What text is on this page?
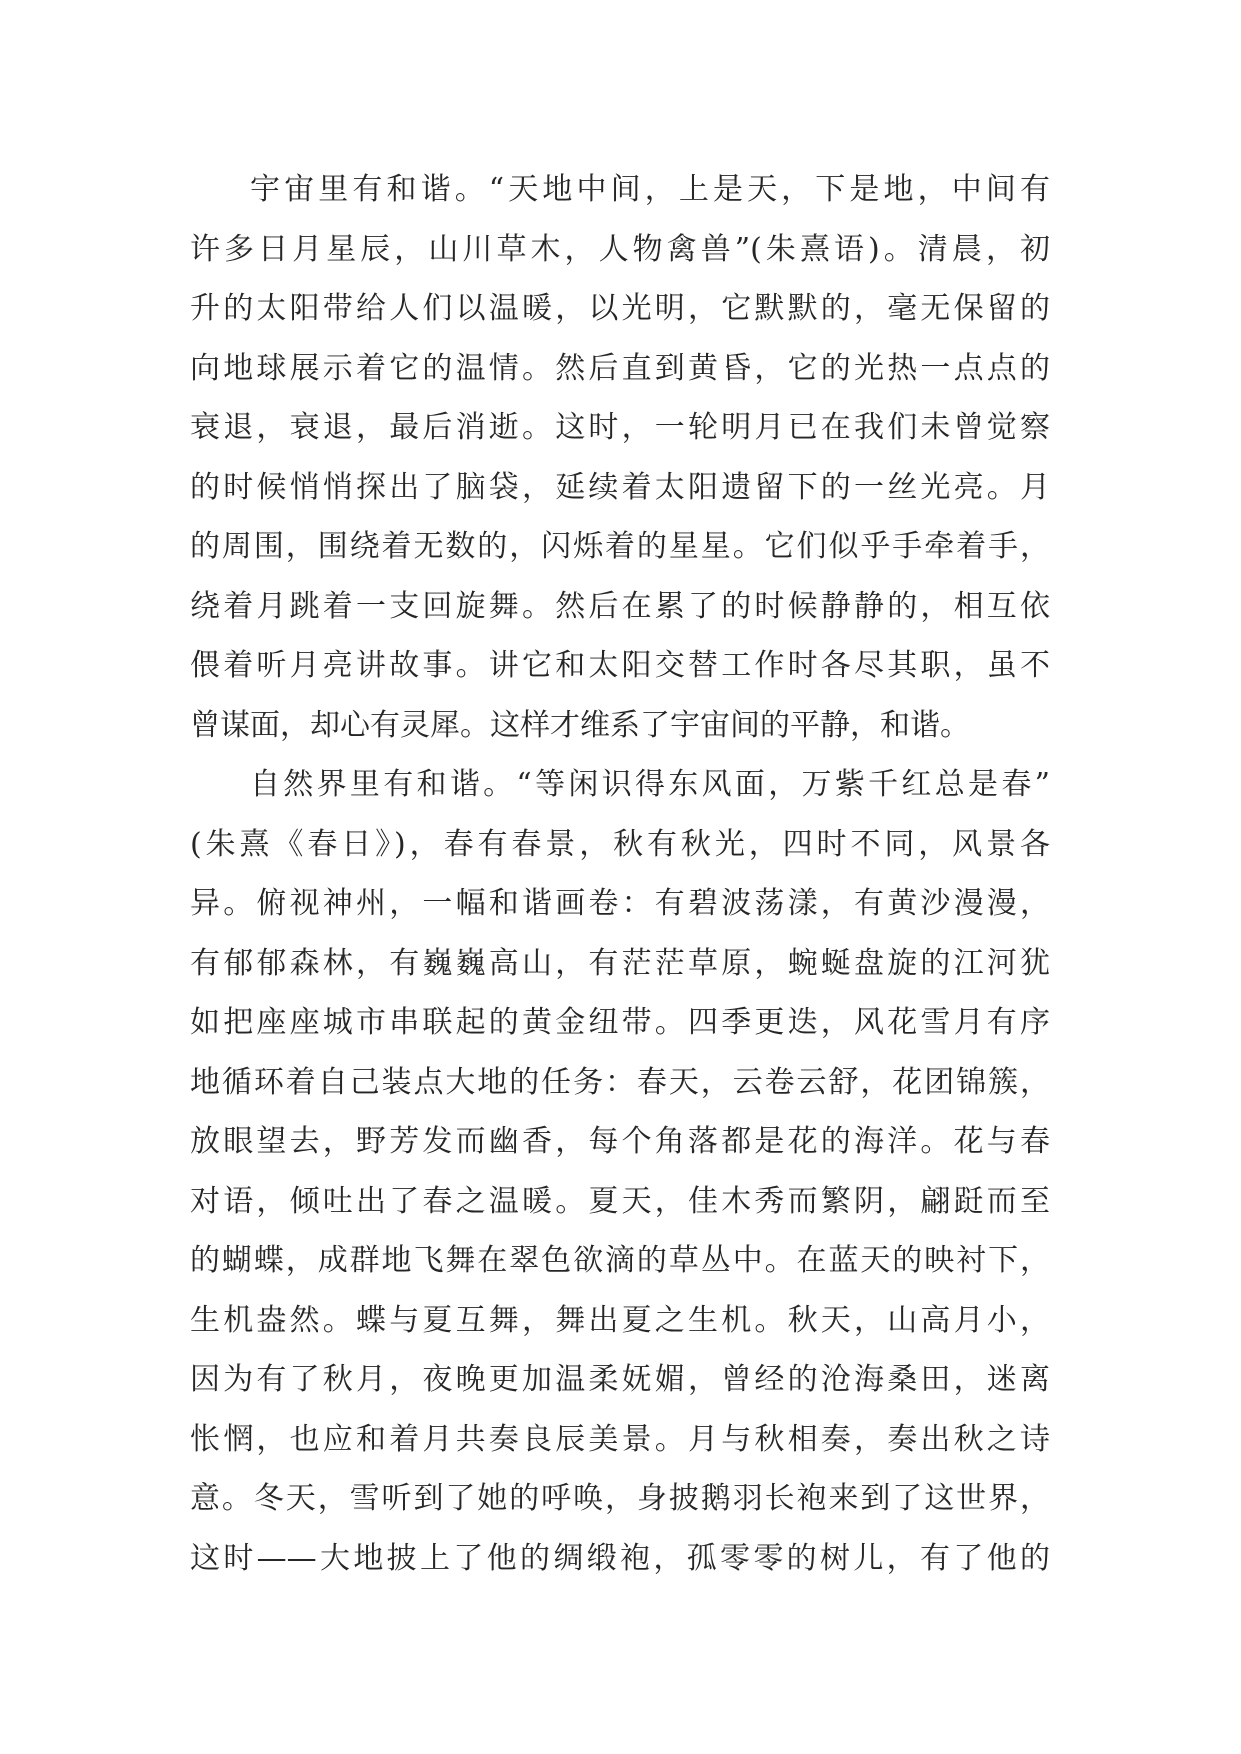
宇宙里有和谐。“天地中间，上是天，下是地，中间有
许多日月星辰，山川草木，人物禽兽”(朱熹语)。清晨，初
升的太阳带给人们以温暖，以光明，它默默的，毫无保留的
向地球展示着它的温情。然后直到黄昏，它的光热一点点的
衰退，衰退，最后消逝。这时，一轮明月已在我们未曾觉察
的时候悄悄探出了脑袋，延续着太阳遗留下的一丝光亮。月
的周围，围绕着无数的，闪烁着的星星。它们似乎手牵着手，
绕着月跳着一支回旋舞。然后在累了的时候静静的，相互依
偎着听月亮讲故事。讲它和太阳交替工作时各尽其职，虽不
曾谋面，却心有灵犀。这样才维系了宇宙间的平静，和谐。
自然界里有和谐。“等闲识得东风面，万紫千红总是春”
(朱熹《春日》)，春有春景，秋有秋光，四时不同，风景各
异。俯视神州，一幅和谐画卷：有碧波荡漾，有黄沙漫漫，
有郁郁森林，有巍巍高山，有茫茫草原，蜿蜒盘旋的江河犹
如把座座城市串联起的黄金纽带。四季更迭，风花雪月有序
地循环着自己装点大地的任务：春天，云卷云舒，花团锦簇，
放眼望去，野芳发而幽香，每个角落都是花的海洋。花与春
对语，倾吐出了春之温暖。夏天，佳木秀而繁阴，翩跹而至
的蝴蝶，成群地飞舞在翠色欲滴的草丛中。在蓝天的映衬下，
生机盎然。蝶与夏互舞，舞出夏之生机。秋天，山高月小，
因为有了秋月，夜晚更加温柔妩媚，曾经的沧海桑田，迷离
怅惘，也应和着月共奏良辰美景。月与秋相奏，奏出秋之诗
意。冬天，雪听到了她的呼唤，身披鹅羽长袍来到了这世界，
这时——大地披上了他的绸缎袍，孤零零的树儿，有了他的
